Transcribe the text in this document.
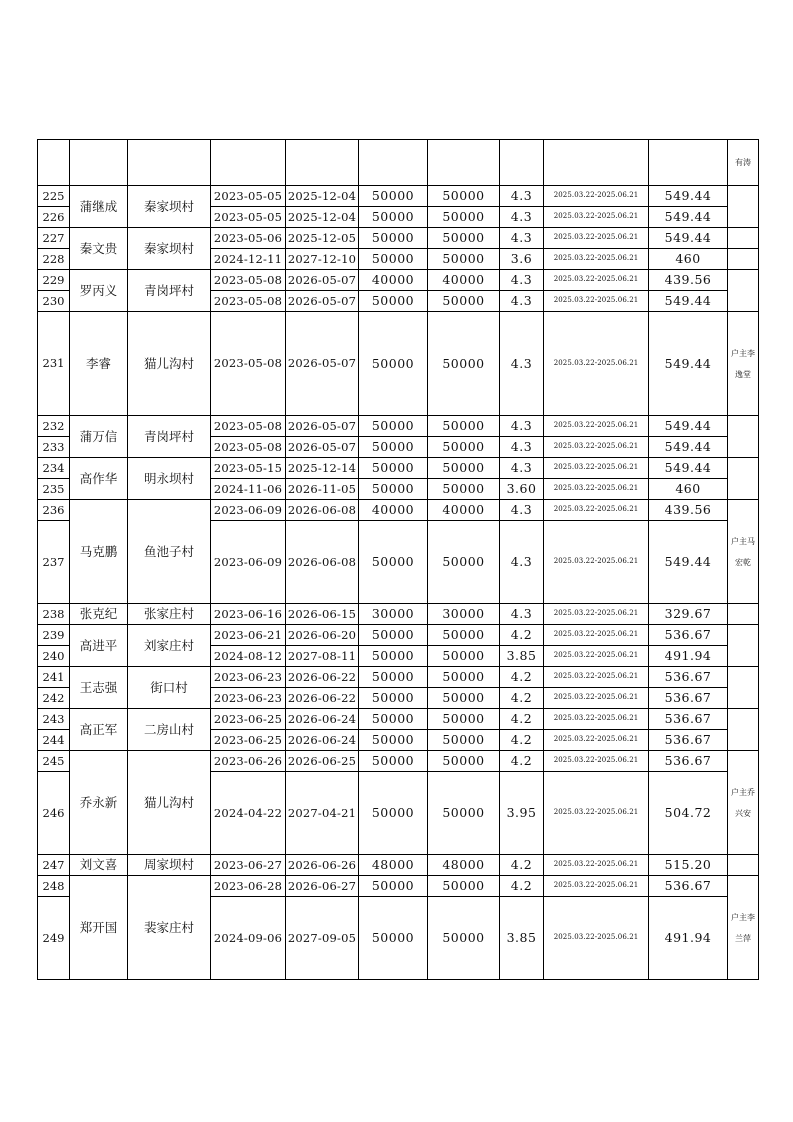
										有涛

225	蒲继成	秦家坝村	2023-05-05	2025-12-04	50000	50000	4.3	2025.03.22-2025.06.21	549.44	
226			2023-05-05	2025-12-04	50000	50000	4.3	2025.03.22-2025.06.21	549.44	
227	秦文贵	秦家坝村	2023-05-06	2025-12-05	50000	50000	4.3	2025.03.22-2025.06.21	549.44	
228			2024-12-11	2027-12-10	50000	50000	3.6	2025.03.22-2025.06.21	460	
229	罗丙义	青岗坪村	2023-05-08	2026-05-07	40000	40000	4.3	2025.03.22-2025.06.21	439.56	
230			2023-05-08	2026-05-07	50000	50000	4.3	2025.03.22-2025.06.21	549.44	
231	李睿	猫儿沟村	2023-05-08	2026-05-07	50000	50000	4.3	2025.03.22-2025.06.21	549.44	户主李逸堂

232	蒲万信	青岗坪村	2023-05-08	2026-05-07	50000	50000	4.3	2025.03.22-2025.06.21	549.44	
233			2023-05-08	2026-05-07	50000	50000	4.3	2025.03.22-2025.06.21	549.44	
234	高作华	明永坝村	2023-05-15	2025-12-14	50000	50000	4.3	2025.03.22-2025.06.21	549.44	
235			2024-11-06	2026-11-05	50000	50000	3.60	2025.03.22-2025.06.21	460	
236	马克鹏	鱼池子村	2023-06-09	2026-06-08	40000	40000	4.3	2025.03.22-2025.06.21	439.56	户主马宏乾

237			2023-06-09	2026-06-08	50000	50000	4.3	2025.03.22-2025.06.21	549.44	
238	张克纪	张家庄村	2023-06-16	2026-06-15	30000	30000	4.3	2025.03.22-2025.06.21	329.67	
239	高进平	刘家庄村	2023-06-21	2026-06-20	50000	50000	4.2	2025.03.22-2025.06.21	536.67	
240			2024-08-12	2027-08-11	50000	50000	3.85	2025.03.22-2025.06.21	491.94	
241	王志强	街口村	2023-06-23	2026-06-22	50000	50000	4.2	2025.03.22-2025.06.21	536.67	
242			2023-06-23	2026-06-22	50000	50000	4.2	2025.03.22-2025.06.21	536.67	
243	高正军	二房山村	2023-06-25	2026-06-24	50000	50000	4.2	2025.03.22-2025.06.21	536.67	
244			2023-06-25	2026-06-24	50000	50000	4.2	2025.03.22-2025.06.21	536.67	
245	乔永新	猫儿沟村	2023-06-26	2026-06-25	50000	50000	4.2	2025.03.22-2025.06.21	536.67	户主乔兴安

246			2024-04-22	2027-04-21	50000	50000	3.95	2025.03.22-2025.06.21	504.72	
247	刘文喜	周家坝村	2023-06-27	2026-06-26	48000	48000	4.2	2025.03.22-2025.06.21	515.20	
248	郑开国	裴家庄村	2023-06-28	2026-06-27	50000	50000	4.2	2025.03.22-2025.06.21	536.67	户主李兰萍

249			2024-09-06	2027-09-05	50000	50000	3.85	2025.03.22-2025.06.21	491.94	
